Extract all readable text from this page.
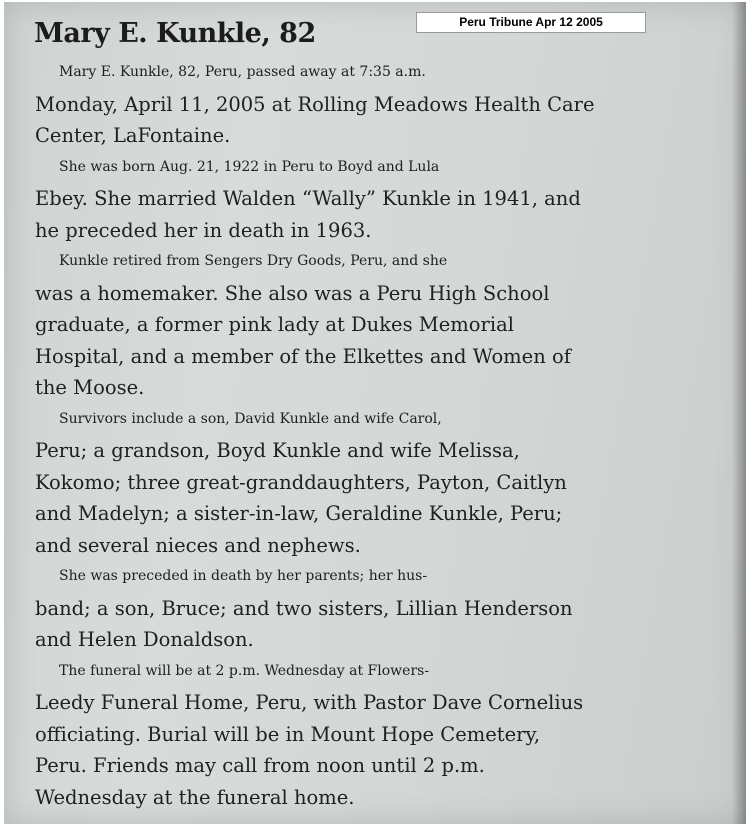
Peru Tribune Apr 12 2005
Mary E. Kunkle, 82

Mary E. Kunkle, 82, Peru, passed away at 7:35 a.m.
Monday, April 11, 2005 at Rolling Meadows Health Care
Center, LaFontaine.

She was born Aug. 21, 1922 in Peru to Boyd and Lula
Ebey. She married Walden “Wally” Kunkle in 1941, and
he preceded her in death in 1963.

Kunkle retired from Sengers Dry Goods, Peru, and she
was a homemaker. She also was a Peru High School
graduate, a former pink lady at Dukes Memorial
Hospital, and a member of the Elkettes and Women of
the Moose.

Survivors include a son, David Kunkle and wife Carol,
Peru; a grandson, Boyd Kunkle and wife Melissa,
Kokomo; three great-granddaughters, Payton, Caitlyn
and Madelyn; a sister-in-law, Geraldine Kunkle, Peru;
and several nieces and nephews.

She was preceded in death by her parents; her hus-
band; a son, Bruce; and two sisters, Lillian Henderson
and Helen Donaldson.

The funeral will be at 2 p.m. Wednesday at Flowers-
Leedy Funeral Home, Peru, with Pastor Dave Cornelius
officiating. Burial will be in Mount Hope Cemetery,
Peru. Friends may call from noon until 2 p.m.
Wednesday at the funeral home.
